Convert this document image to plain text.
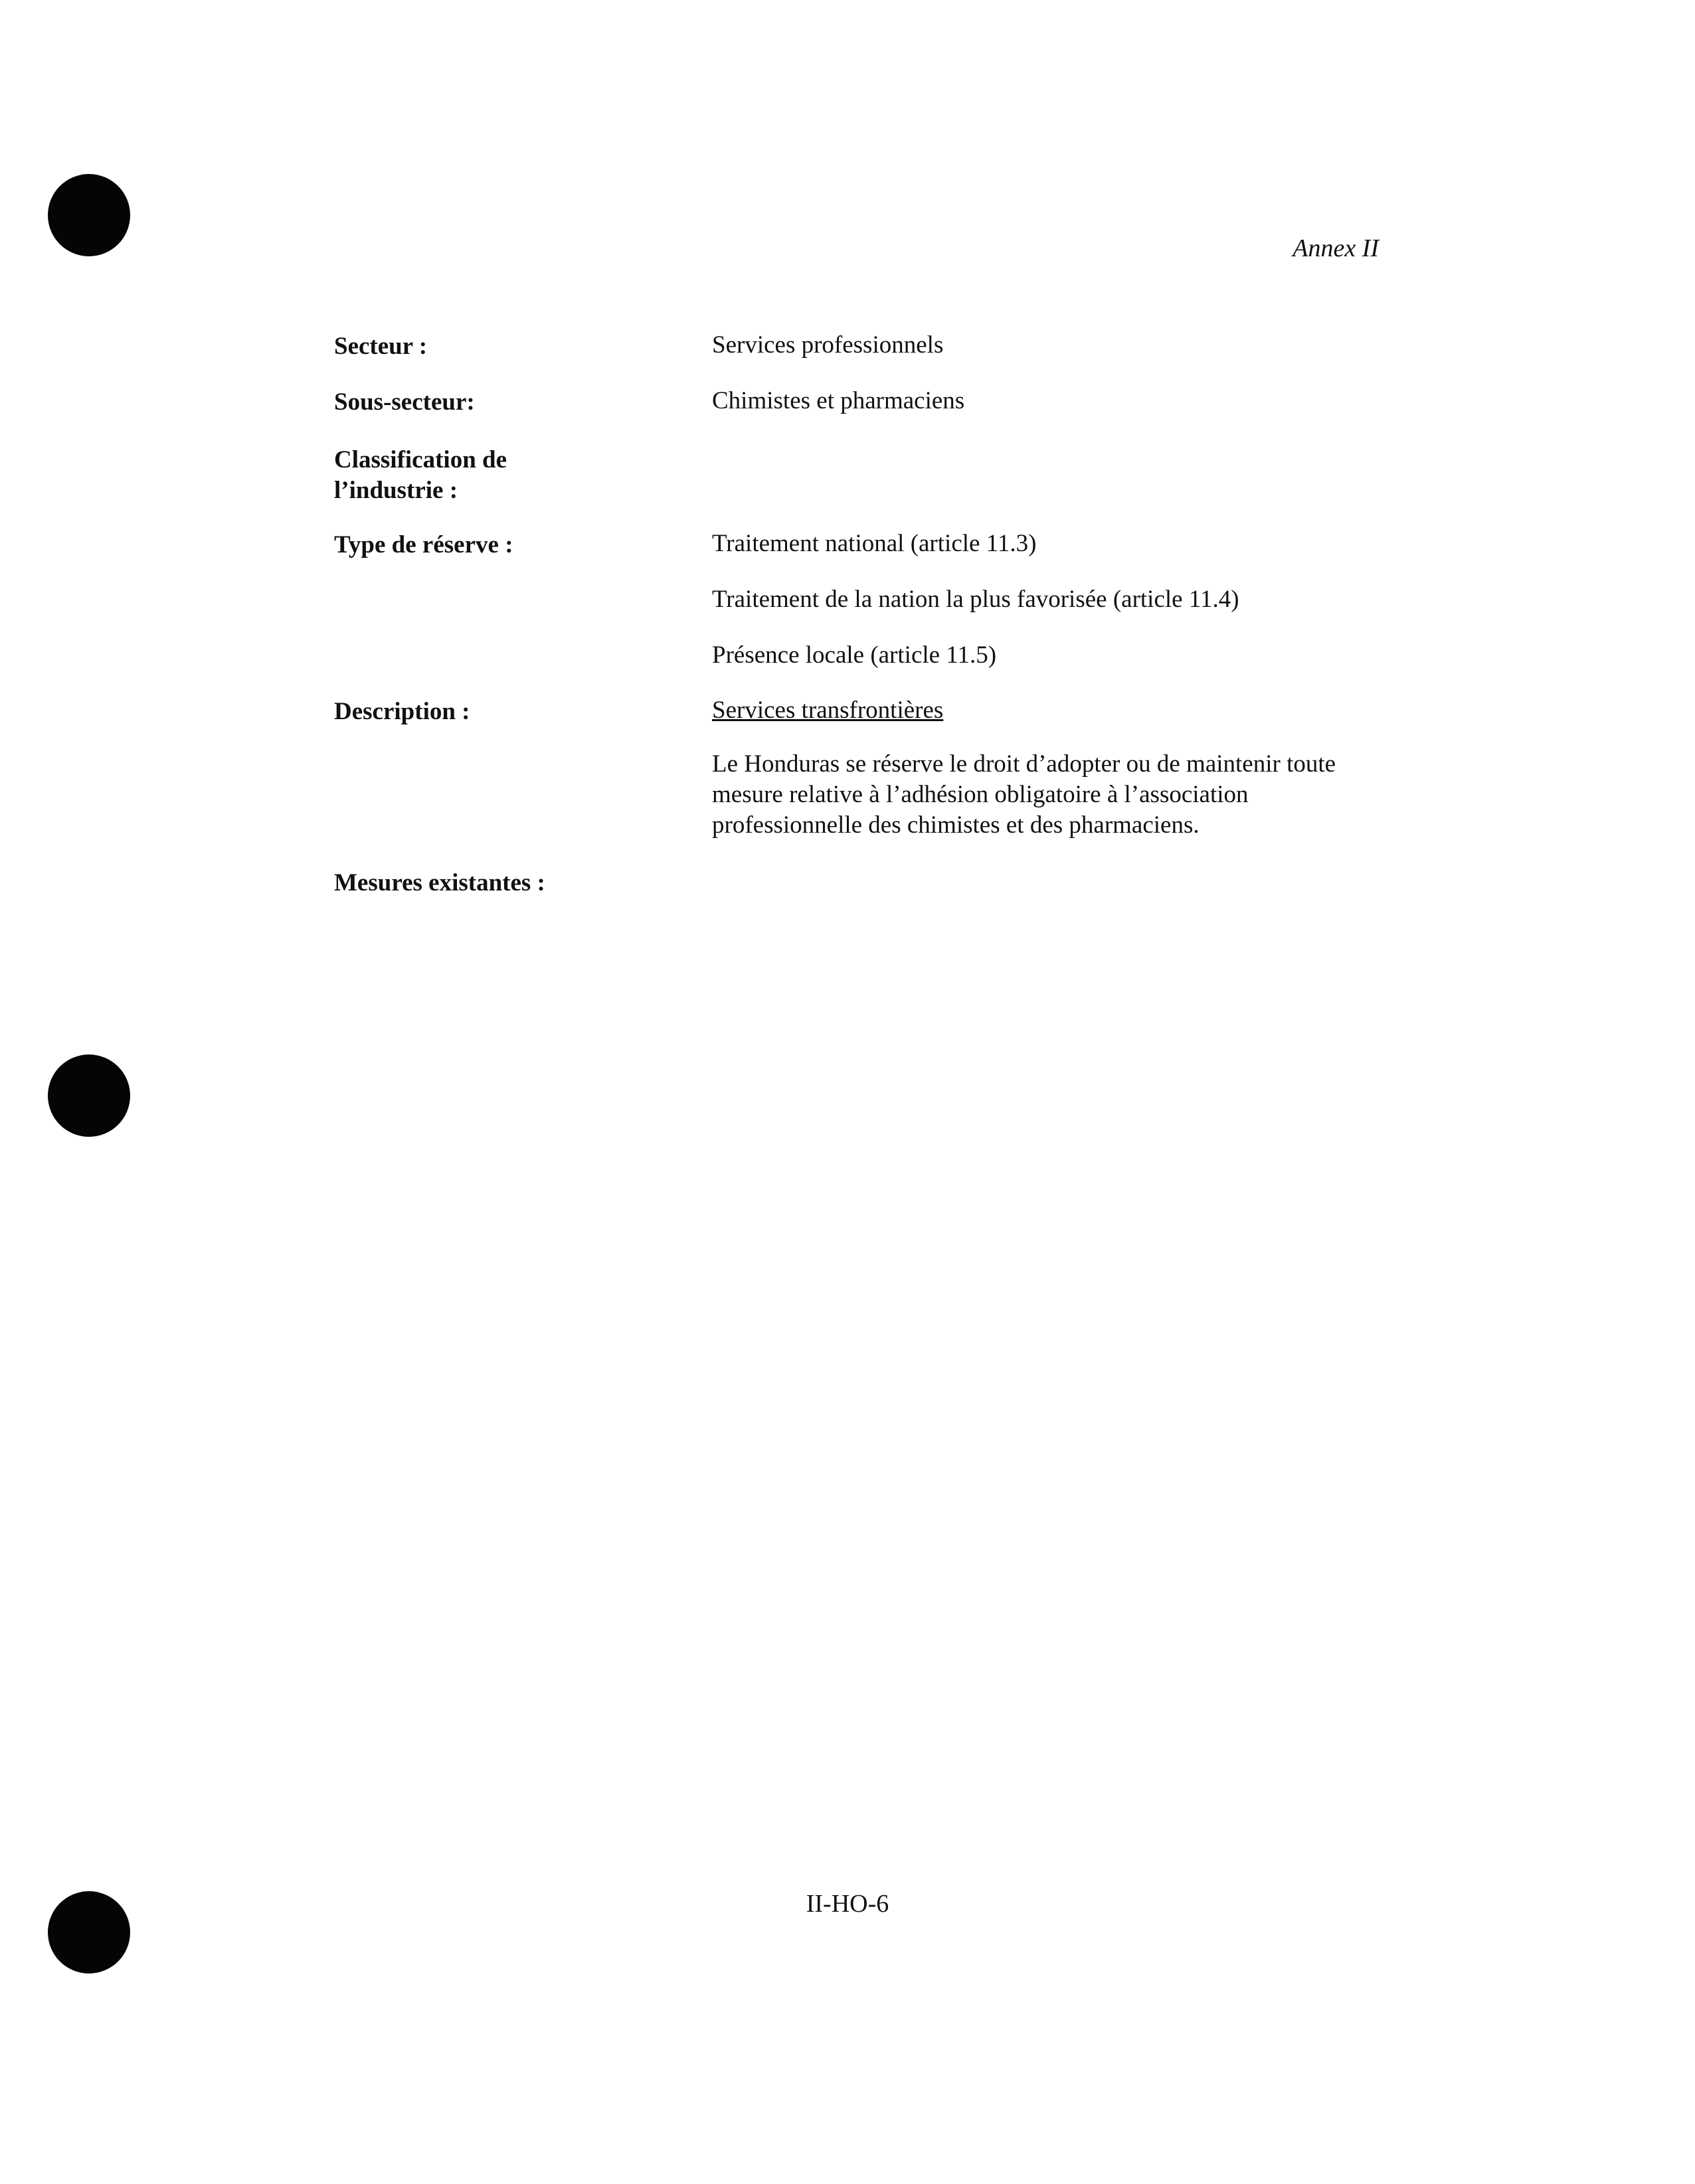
Annex II
Secteur :	Services professionnels
Sous-secteur:	Chimistes et pharmaciens
Classification de
l’industrie :
Type de réserve :	Traitement national (article 11.3)
Traitement de la nation la plus favorisée (article 11.4)
Présence locale (article 11.5)
Description :	Services transfrontières
Le Honduras se réserve le droit d’adopter ou de maintenir toute
mesure relative à l’adhésion obligatoire à l’association
professionnelle des chimistes et des pharmaciens.
Mesures existantes :
II-HO-6
